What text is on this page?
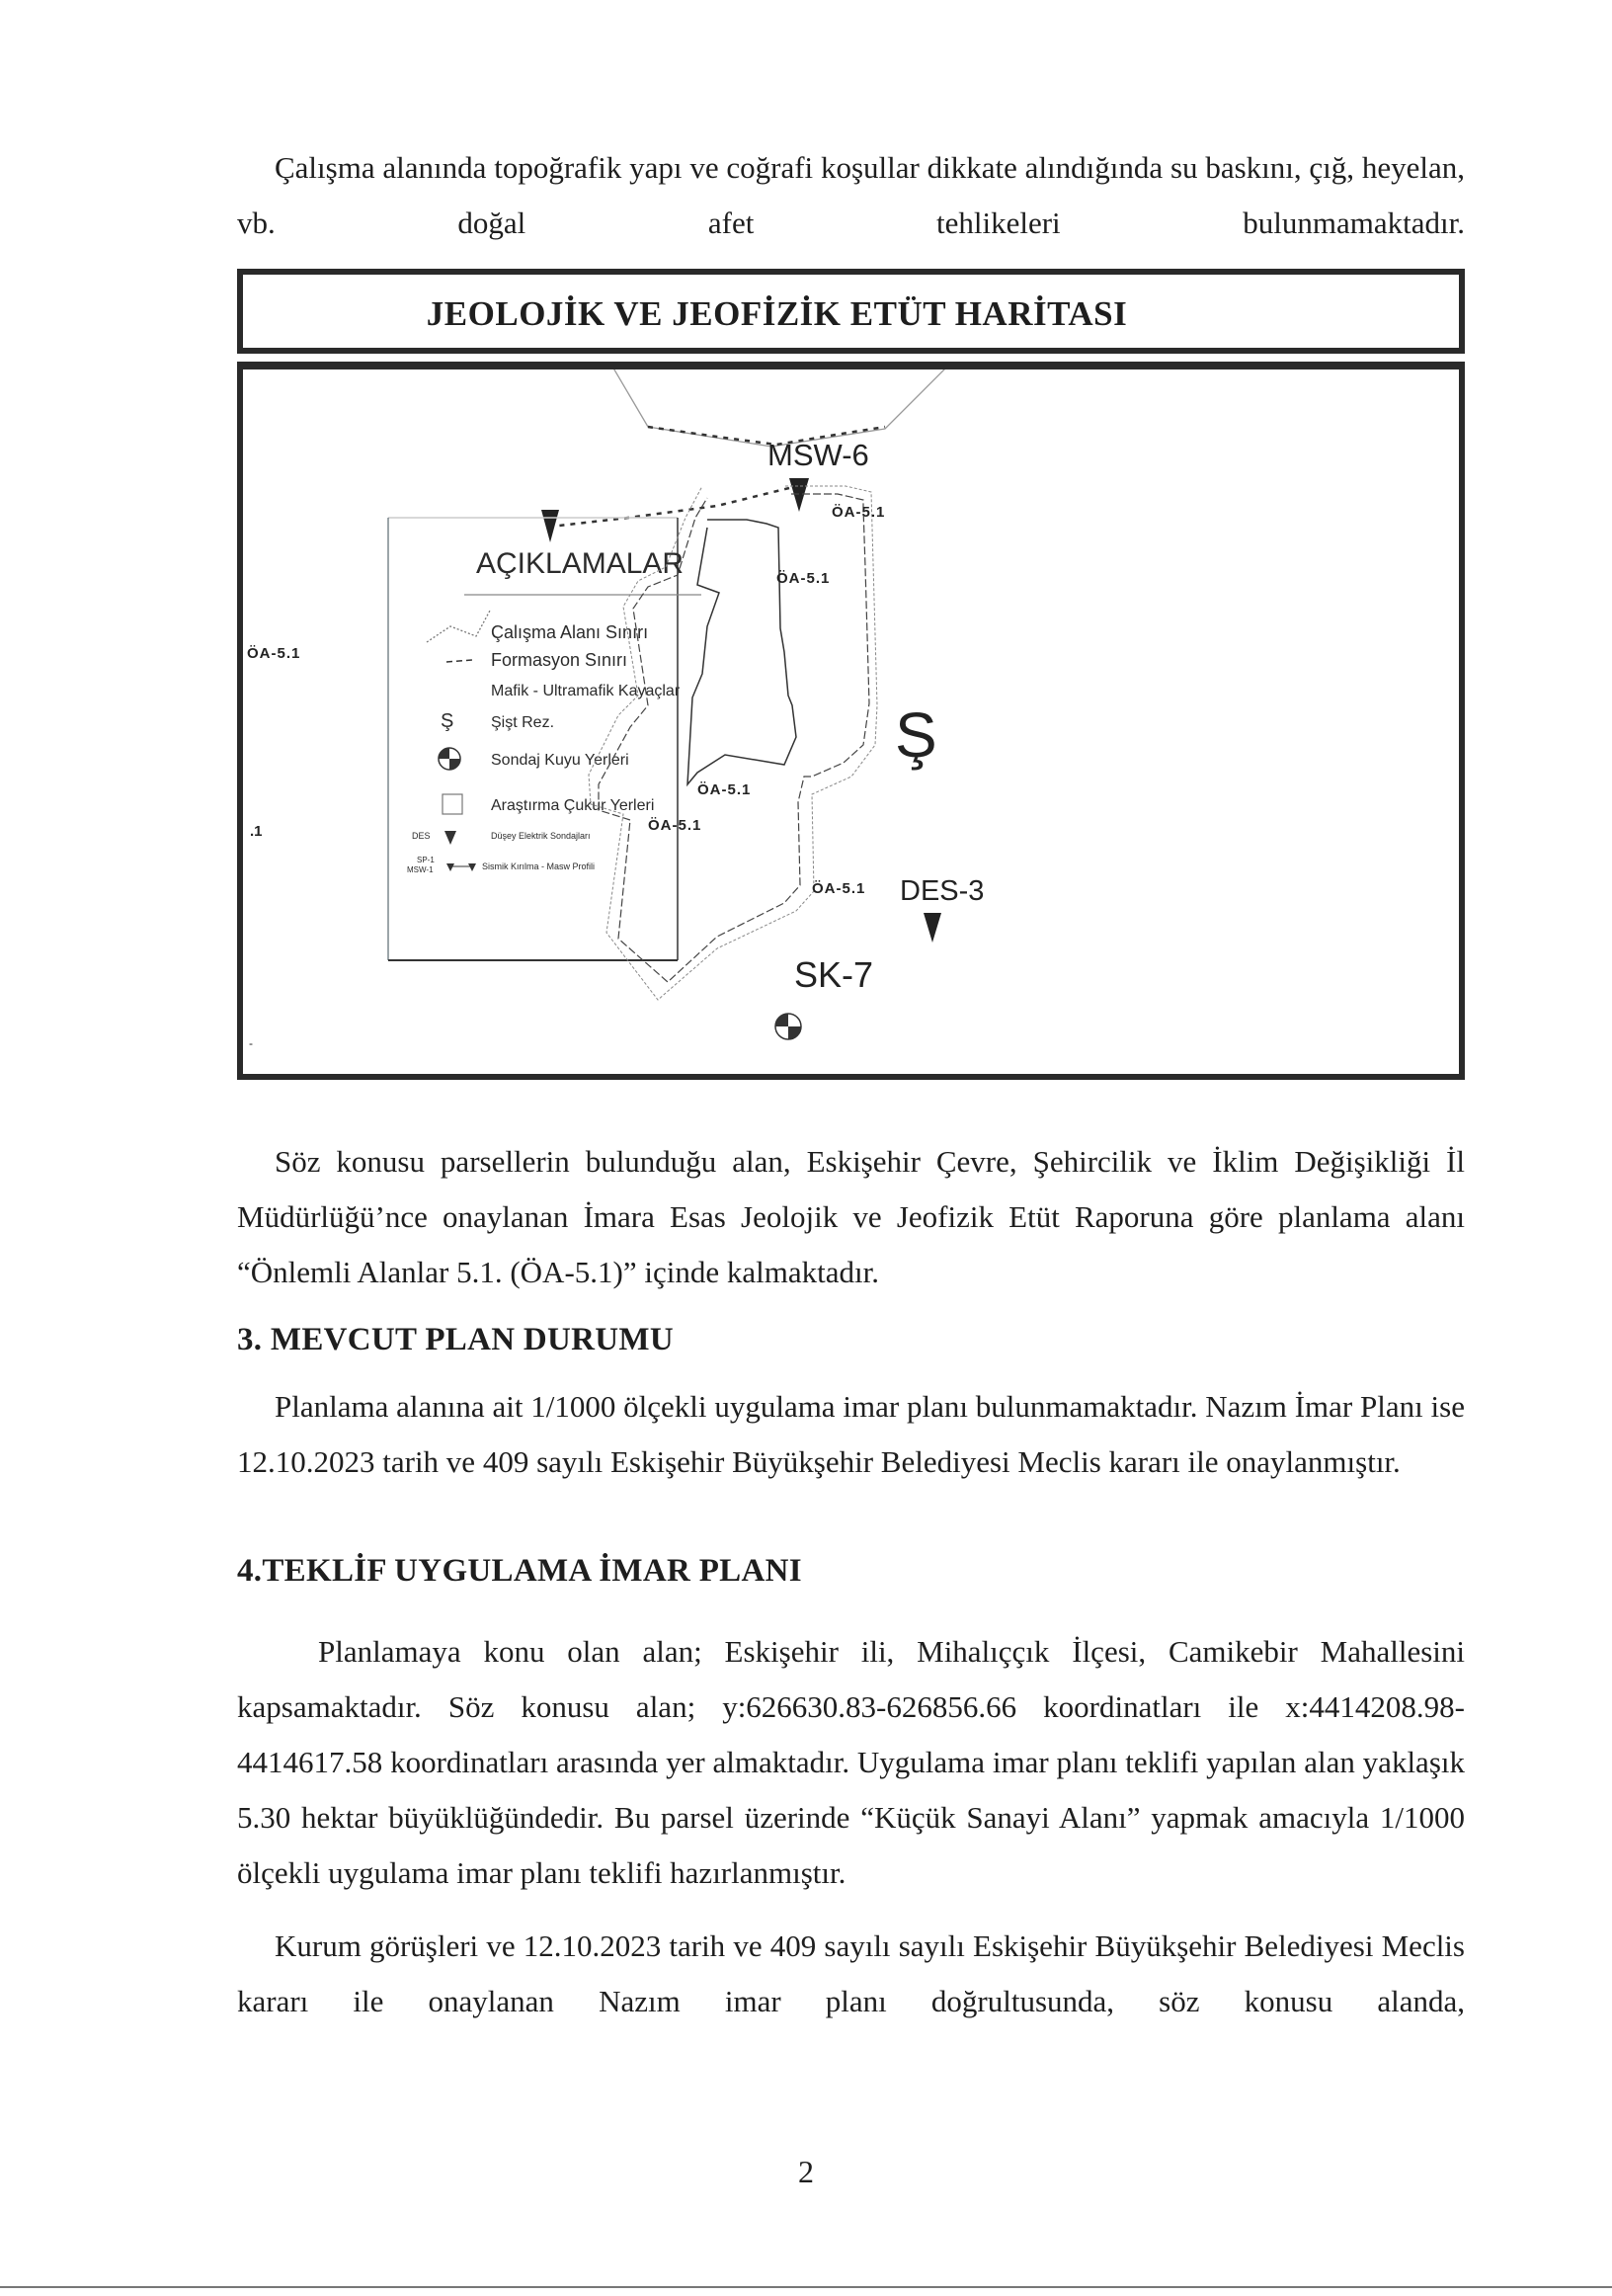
Çalışma alanında topoğrafik yapı ve coğrafi koşullar dikkate alındığında su baskını, çığ, heyelan, vb. doğal afet tehlikeleri bulunmamaktadır.

JEOLOJİK VE JEOFİZİK ETÜT HARİTASI
MSW-6
AÇIKLAMALAR
Çalışma Alanı Sınırı
Formasyon Sınırı
Mafik - Ultramafik Kayaçlar
Ş Şişt Rez.
Sondaj Kuyu Yerleri
Araştırma Çukur Yerleri
DES	Düşey Elektrik Sondajları
SP-1
MSW-1	Sismik Kırılma - Masw Profili
ÖA-5.1
.1
-
ÖA-5.1
ÖA-5.1
ÖA-5.1
ÖA-5.1
ÖA-5.1
Ş
DES-3
SK-7

Söz konusu parsellerin bulunduğu alan, Eskişehir Çevre, Şehircilik ve İklim Değişikliği İl Müdürlüğü’nce onaylanan İmara Esas Jeolojik ve Jeofizik Etüt Raporuna göre planlama alanı “Önlemli Alanlar 5.1. (ÖA-5.1)” içinde kalmaktadır.

3. MEVCUT PLAN DURUMU

Planlama alanına ait 1/1000 ölçekli uygulama imar planı bulunmamaktadır. Nazım İmar Planı ise 12.10.2023 tarih ve 409 sayılı Eskişehir Büyükşehir Belediyesi Meclis kararı ile onaylanmıştır.

4.TEKLİF UYGULAMA İMAR PLANI

Planlamaya konu olan alan; Eskişehir ili, Mihalıççık İlçesi, Camikebir Mahallesini kapsamaktadır. Söz konusu alan; y:626630.83-626856.66 koordinatları ile x:4414208.98-4414617.58 koordinatları arasında yer almaktadır. Uygulama imar planı teklifi yapılan alan yaklaşık 5.30 hektar büyüklüğündedir. Bu parsel üzerinde “Küçük Sanayi Alanı” yapmak amacıyla 1/1000 ölçekli uygulama imar planı teklifi hazırlanmıştır.

Kurum görüşleri ve 12.10.2023 tarih ve 409 sayılı sayılı Eskişehir Büyükşehir Belediyesi Meclis kararı ile onaylanan Nazım imar planı doğrultusunda, söz konusu alanda,

2
